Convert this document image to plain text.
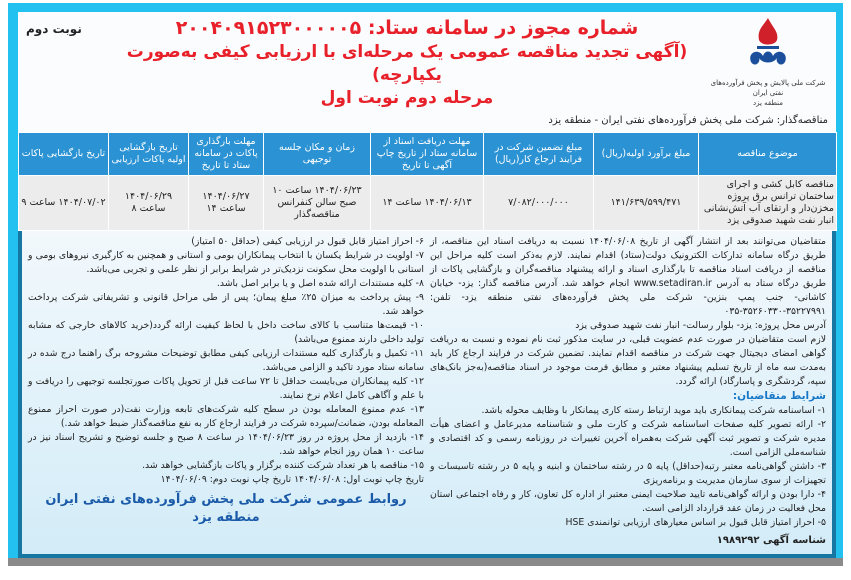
نوبت دوم	شماره مجوز در سامانه ستاد: ۲۰۰۴۰۹۱۵۲۳۰۰۰۰۰۵
(آگهی تجدید مناقصه عمومی یک مرحله‌ای با ارزیابی کیفی به‌صورت یکپارچه)
مرحله دوم نوبت اول
شرکت ملی پالایش و پخش فرآورده‌های نفتی ایران
منطقه یزد
مناقصه‌گذار: شرکت ملی پخش فرآورده‌های نفتی ایران - منطقه یزد
موضوع مناقصه	مبلغ برآورد اولیه(ریال)	مبلغ تضمین شرکت در فرایند ارجاع کار(ریال)	مهلت دریافت اسناد از سامانه ستاد از تاریخ چاپ آگهی تا تاریخ	زمان و مکان جلسه توجیهی	مهلت بارگذاری پاکات در سامانه ستاد تا تاریخ	تاریخ بازگشایی اولیه پاکات ارزیابی	تاریخ بازگشایی پاکات
مناقصه کابل کشی و اجرای ساختمان ترانس برق پروژه مخزن‌دار و ارتقای آب آتش‌نشانی انبار نفت شهید صدوقی یزد	۱۴۱/۶۳۹/۵۹۹/۴۷۱	۷/۰۸۲/۰۰۰/۰۰۰	۱۴۰۴/۰۶/۱۳ ساعت ۱۴	۱۴۰۴/۰۶/۲۳ ساعت ۱۰ صبح سالن کنفرانس مناقصه‌گذار	۱۴۰۴/۰۶/۲۷ ساعت ۱۴	۱۴۰۴/۰۶/۲۹ ساعت ۸	۱۴۰۴/۰۷/۰۲ ساعت ۹

متقاضیان می‌توانند بعد از انتشار آگهی از تاریخ ۱۴۰۴/۰۶/۰۸ نسبت به دریافت اسناد این مناقصه، از طریق درگاه سامانه تدارکات الکترونیک دولت(ستاد) اقدام نمایند. لازم به‌ذکر است کلیه مراحل این مناقصه از دریافت اسناد مناقصه تا بارگذاری اسناد و ارائه پیشنهاد مناقصه‌گران و بازگشایی پاکات از طریق درگاه ستاد به آدرس www.setadiran.ir انجام خواهد شد. آدرس مناقصه گذار: یزد- خیابان کاشانی- جنب پمپ بنزین- شرکت ملی پخش فرآورده‌های نفتی منطقه یزد- تلفن: ۳۵۲۲۷۹۹۱-۳۵۲۶۰۳۳۰-۰۳۵

آدرس محل پروژه: یزد- بلوار رسالت- انبار نفت شهید صدوقی یزد

لازم است متقاضیان در صورت عدم عضویت قبلی، در سایت مذکور ثبت نام نموده و نسبت به دریافت گواهی امضای دیجیتال جهت شرکت در مناقصه اقدام نمایند. تضمین شرکت در فرایند ارجاع کار باید به‌مدت سه ماه از تاریخ تسلیم پیشنهاد معتبر و مطابق فرمت موجود در اسناد مناقصه(به‌جز بانک‌های سپه، گردشگری و پاسارگاد) ارائه گردد.

شرایط متقاضیان:

۱- اساسنامه شرکت پیمانکاری باید موید ارتباط رسته کاری پیمانکار با وظایف محوله باشد.

۲- ارائه تصویر کلیه صفحات اساسنامه شرکت و کارت ملی و شناسنامه مدیرعامل و اعضای هیأت مدیره شرکت و تصویر ثبت آگهی شرکت به‌همراه آخرین تغییرات در روزنامه رسمی و کد اقتصادی و شناسه‌ملی الزامی است.

۳- داشتن گواهی‌نامه معتبر رتبه(حداقل) پایه ۵ در رشته ساختمان و ابنیه و پایه ۵ در رشته تاسیسات و تجهیزات از سوی سازمان مدیریت و برنامه‌ریزی

۴- دارا بودن و ارائه گواهی‌نامه تایید صلاحیت ایمنی معتبر از اداره کل تعاون، کار و رفاه اجتماعی استان محل فعالیت در زمان عقد قرارداد الزامی است.

۵- احراز امتیاز قابل قبول بر اساس معیارهای ارزیابی توانمندی HSE

شناسه آگهی ۱۹۸۹۲۹۲

۶- احراز امتیاز قابل قبول در ارزیابی کیفی (حداقل ۵۰ امتیاز)

۷- اولویت در شرایط یکسان با انتخاب پیمانکاران بومی و استانی و همچنین به کارگیری نیروهای بومی و استانی با اولویت محل سکونت نزدیک‌تر در شرایط برابر از نظر علمی و تجربی می‌باشد.

۸- کلیه مستندات ارائه شده اصل و یا برابر اصل باشد.

۹- پیش پرداخت به میزان ۲۵٪ مبلغ پیمان؛ پس از طی مراحل قانونی و تشریفاتی شرکت پرداخت خواهد شد.

۱۰- قیمت‌ها متناسب با کالای ساخت داخل با لحاظ کیفیت ارائه گردد(خرید کالاهای خارجی که مشابه تولید داخلی دارند ممنوع می‌باشد)

۱۱- تکمیل و بارگذاری کلیه مستندات ارزیابی کیفی مطابق توضیحات مشروحه برگ راهنما درج شده در سامانه ستاد مورد تاکید و الزامی می‌باشد.

۱۲- کلیه پیمانکاران می‌بایست حداقل تا ۷۲ ساعت قبل از تحویل پاکات صورتجلسه توجیهی را دریافت و با علم و آگاهی کامل اعلام نرخ نمایند.

۱۳- عدم ممنوع المعامله بودن در سطح کلیه شرکت‌های تابعه وزارت نفت(در صورت احراز ممنوع المعامله بودن، ضمانت/سپرده شرکت در فرایند ارجاع کار به نفع مناقصه‌گذار ضبط خواهد شد.)

۱۴- بازدید از محل پروژه در روز ۱۴۰۴/۰۶/۲۳ در ساعت ۸ صبح و جلسه توضیح و تشریح اسناد نیز در ساعت ۱۰ همان روز انجام خواهد شد.

۱۵- مناقصه با هر تعداد شرکت کننده برگزار و پاکات بازگشایی خواهد شد.

تاریخ چاپ نوبت اول: ۱۴۰۴/۰۶/۰۸ تاریخ چاپ نوبت دوم: ۱۴۰۴/۰۶/۰۹

روابط عمومی شرکت ملی پخش فرآورده‌های نفتی ایران منطقه یزد
